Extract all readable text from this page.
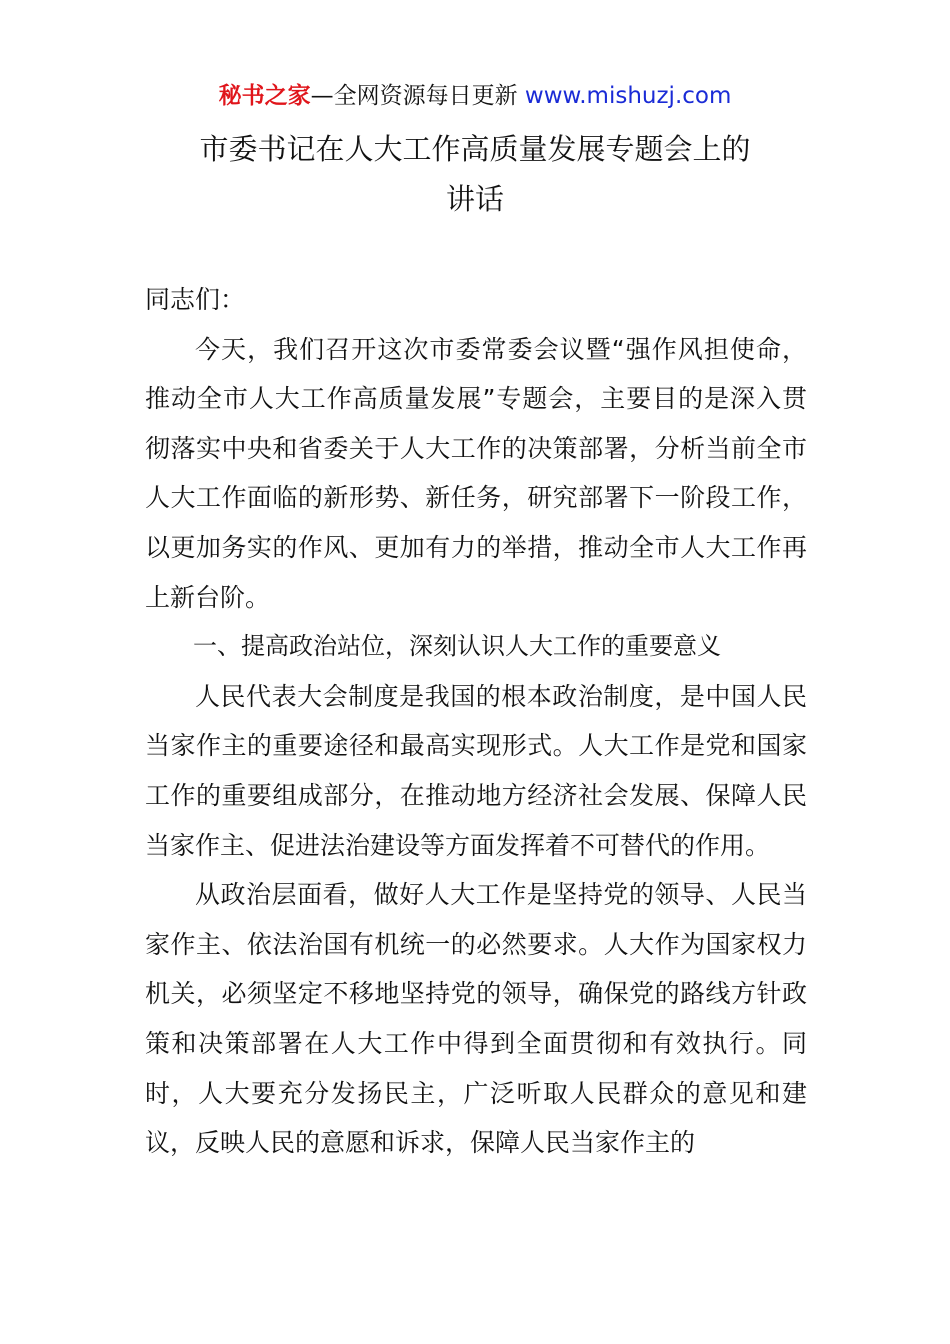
秘书之家—全网资源每日更新 www.mishuzj.com
市委书记在人大工作高质量发展专题会上的
讲话

同志们：

今天，我们召开这次市委常委会议暨“强作风担使命，推动全市人大工作高质量发展”专题会，主要目的是深入贯彻落实中央和省委关于人大工作的决策部署，分析当前全市人大工作面临的新形势、新任务，研究部署下一阶段工作，以更加务实的作风、更加有力的举措，推动全市人大工作再上新台阶。

一、提高政治站位，深刻认识人大工作的重要意义

人民代表大会制度是我国的根本政治制度，是中国人民当家作主的重要途径和最高实现形式。人大工作是党和国家工作的重要组成部分，在推动地方经济社会发展、保障人民当家作主、促进法治建设等方面发挥着不可替代的作用。

从政治层面看，做好人大工作是坚持党的领导、人民当家作主、依法治国有机统一的必然要求。人大作为国家权力机关，必须坚定不移地坚持党的领导，确保党的路线方针政策和决策部署在人大工作中得到全面贯彻和有效执行。同时，人大要充分发扬民主，广泛听取人民群众的意见和建议，反映人民的意愿和诉求，保障人民当家作主的
